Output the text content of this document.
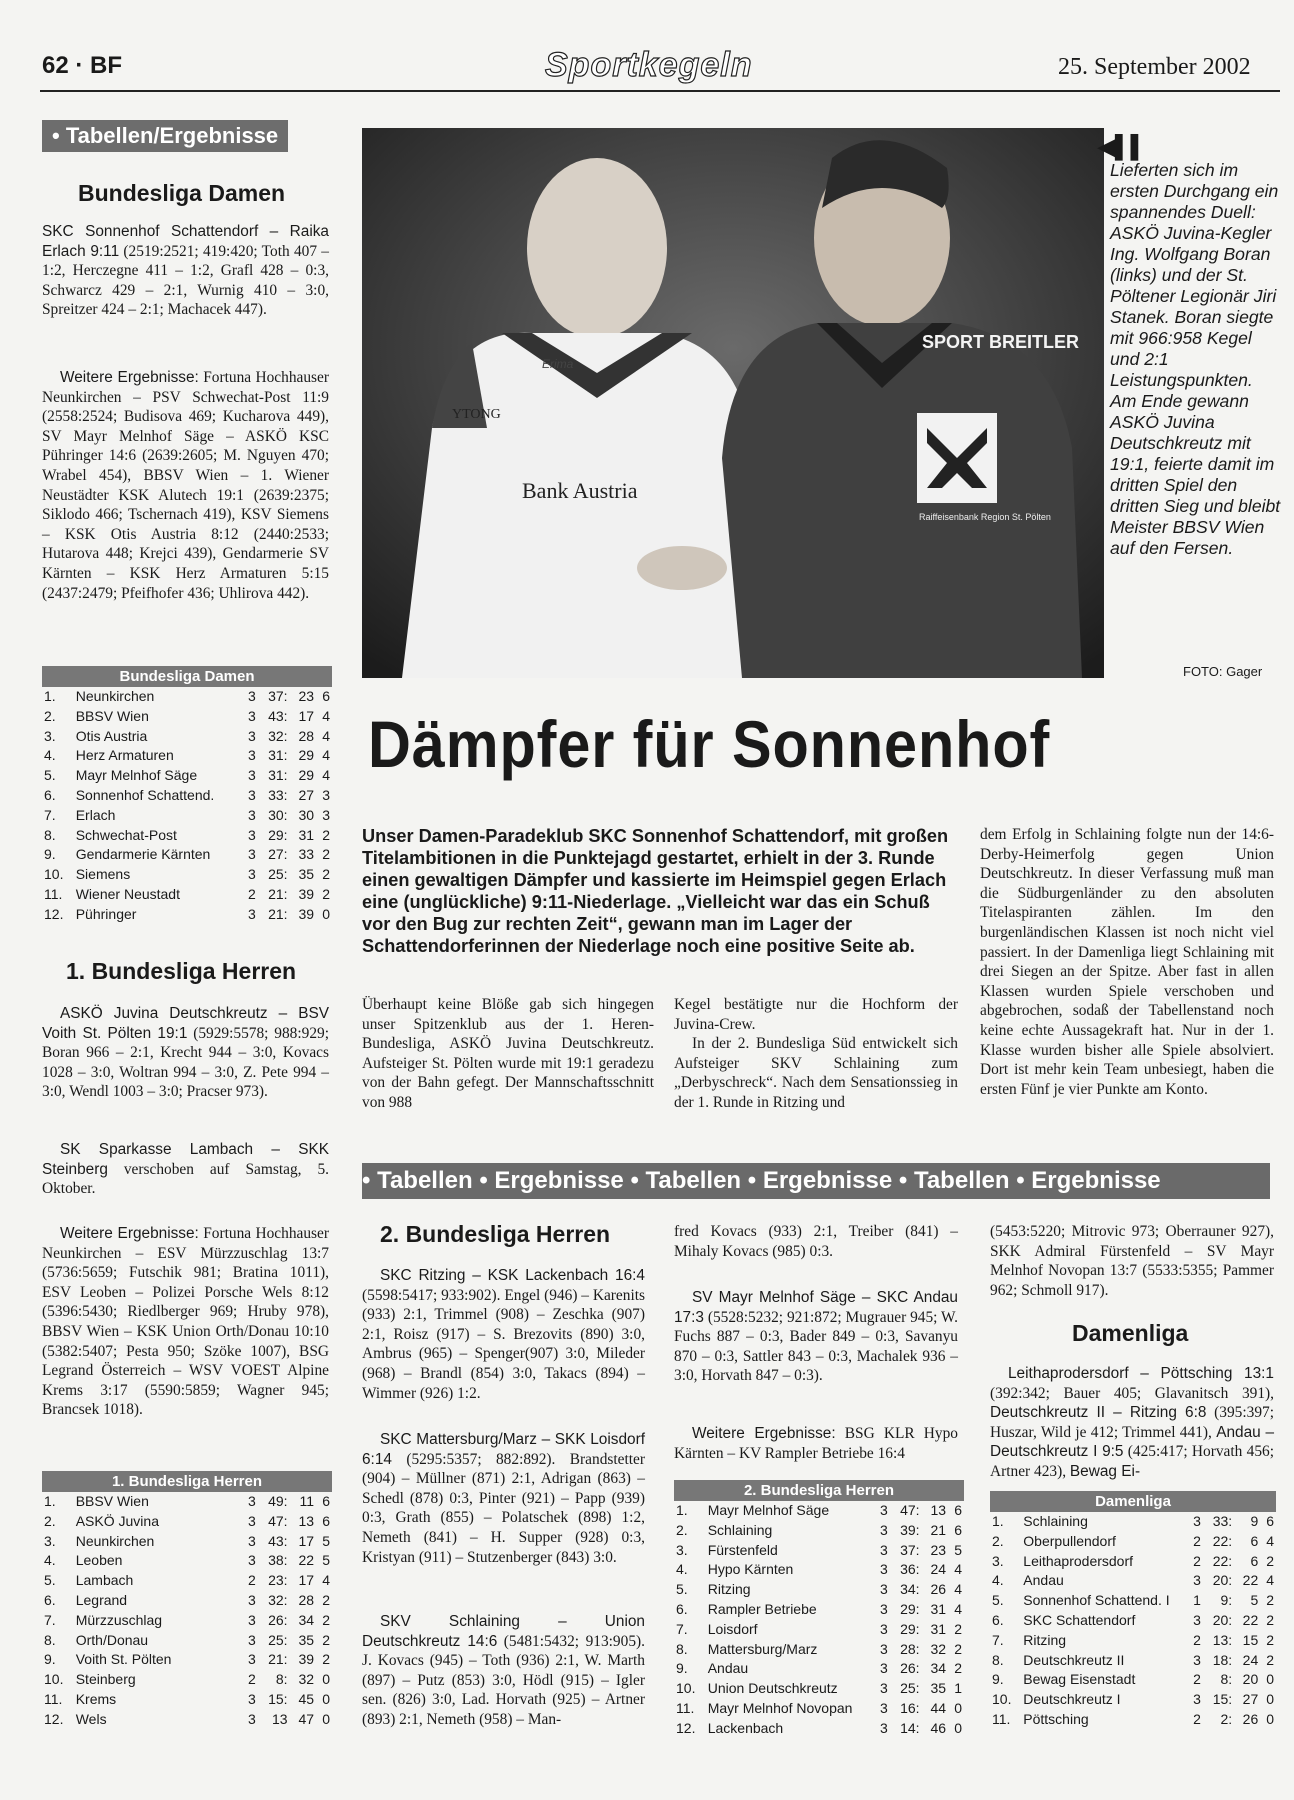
62 · BF	Sportkegeln	25. September 2002
• Tabellen/Ergebnisse
Bundesliga Damen
SKC Sonnenhof Schattendorf – Raika Erlach 9:11 (2519:2521; 419:420; Toth 407 – 1:2, Herczegne 411 – 1:2, Grafl 428 – 0:3, Schwarcz 429 – 2:1, Wurnig 410 – 3:0, Spreitzer 424 – 2:1; Machacek 447).
Weitere Ergebnisse: Fortuna Hochhauser Neunkirchen – PSV Schwechat-Post 11:9 (2558:2524; Budisova 469; Kucharova 449), SV Mayr Melnhof Säge – ASKÖ KSC Pühringer 14:6 (2639:2605; M. Nguyen 470; Wrabel 454), BBSV Wien – 1. Wiener Neustädter KSK Alutech 19:1 (2639:2375; Siklodo 466; Tschernach 419), KSV Siemens – KSK Otis Austria 8:12 (2440:2533; Hutarova 448; Krejci 439), Gendarmerie SV Kärnten – KSK Herz Armaturen 5:15 (2437:2479; Pfeifhofer 436; Uhlirova 442).
Bundesliga Damen
1.	Neunkirchen	3	37:	23	6
2.	BBSV Wien	3	43:	17	4
3.	Otis Austria	3	32:	28	4
4.	Herz Armaturen	3	31:	29	4
5.	Mayr Melnhof Säge	3	31:	29	4
6.	Sonnenhof Schattend.	3	33:	27	3
7.	Erlach	3	30:	30	3
8.	Schwechat-Post	3	29:	31	2
9.	Gendarmerie Kärnten	3	27:	33	2
10.	Siemens	3	25:	35	2
11.	Wiener Neustadt	2	21:	39	2
12.	Pühringer	3	21:	39	0
1. Bundesliga Herren
ASKÖ Juvina Deutschkreutz – BSV Voith St. Pölten 19:1 (5929:5578; 988:929; Boran 966 – 2:1, Krecht 944 – 3:0, Kovacs 1028 – 3:0, Woltran 994 – 3:0, Z. Pete 994 – 3:0, Wendl 1003 – 3:0; Pracser 973).
SK Sparkasse Lambach – SKK Steinberg verschoben auf Samstag, 5. Oktober.
Weitere Ergebnisse: Fortuna Hochhauser Neunkirchen – ESV Mürzzuschlag 13:7 (5736:5659; Futschik 981; Bratina 1011), ESV Leoben – Polizei Porsche Wels 8:12 (5396:5430; Riedlberger 969; Hruby 978), BBSV Wien – KSK Union Orth/Donau 10:10 (5382:5407; Pesta 950; Szöke 1007), BSG Legrand Österreich – WSV VOEST Alpine Krems 3:17 (5590:5859; Wagner 945; Brancsek 1018).
1. Bundesliga Herren
1.	BBSV Wien	3	49:	11	6
2.	ASKÖ Juvina	3	47:	13	6
3.	Neunkirchen	3	43:	17	5
4.	Leoben	3	38:	22	5
5.	Lambach	2	23:	17	4
6.	Legrand	3	32:	28	2
7.	Mürzzuschlag	3	26:	34	2
8.	Orth/Donau	3	25:	35	2
9.	Voith St. Pölten	3	21:	39	2
10.	Steinberg	2	8:	32	0
11.	Krems	3	15:	45	0
12.	Wels	3	13	47	0
SPORT BREITLER
Raiffeisenbank Region St. Pölten
YTONG
Bank Austria
Erima
◀▌▌
Lieferten sich im ersten Durchgang ein spannendes Duell: ASKÖ Juvina-Kegler Ing. Wolfgang Boran (links) und der St. Pöltener Legionär Jiri Stanek. Boran siegte mit 966:958 Kegel und 2:1 Leistungspunkten. Am Ende gewann ASKÖ Juvina Deutschkreutz mit 19:1, feierte damit im dritten Spiel den dritten Sieg und bleibt Meister BBSV Wien auf den Fersen.
FOTO: Gager
Dämpfer für Sonnenhof
Unser Damen-Paradeklub SKC Sonnenhof Schattendorf, mit großen Titelambitionen in die Punktejagd gestartet, erhielt in der 3. Runde einen gewaltigen Dämpfer und kassierte im Heimspiel gegen Erlach eine (unglückliche) 9:11-Niederlage. „Vielleicht war das ein Schuß vor den Bug zur rechten Zeit“, gewann man im Lager der Schattendorferinnen der Niederlage noch eine positive Seite ab.
Überhaupt keine Blöße gab sich hingegen unser Spitzenklub aus der 1. Heren-Bundesliga, ASKÖ Juvina Deutschkreutz. Aufsteiger St. Pölten wurde mit 19:1 geradezu von der Bahn gefegt. Der Mannschaftsschnitt von 988

Kegel bestätigte nur die Hochform der Juvina-Crew.

In der 2. Bundesliga Süd entwickelt sich Aufsteiger SKV Schlaining zum „Derbyschreck“. Nach dem Sensationssieg in der 1. Runde in Ritzing und

dem Erfolg in Schlaining folgte nun der 14:6-Derby-Heimerfolg gegen Union Deutschkreutz. In dieser Verfassung muß man die Südburgenländer zu den absoluten Titelaspiranten zählen. Im den burgenländischen Klassen ist noch nicht viel passiert. In der Damenliga liegt Schlaining mit drei Siegen an der Spitze. Aber fast in allen Klassen wurden Spiele verschoben und abgebrochen, sodaß der Tabellenstand noch keine echte Aussagekraft hat. Nur in der 1. Klasse wurden bisher alle Spiele absolviert. Dort ist mehr kein Team unbesiegt, haben die ersten Fünf je vier Punkte am Konto.
• Tabellen • Ergebnisse • Tabellen • Ergebnisse • Tabellen • Ergebnisse
2. Bundesliga Herren
SKC Ritzing – KSK Lackenbach 16:4 (5598:5417; 933:902). Engel (946) – Karenits (933) 2:1, Trimmel (908) – Zeschka (907) 2:1, Roisz (917) – S. Brezovits (890) 3:0, Ambrus (965) – Spenger(907) 3:0, Mileder (968) – Brandl (854) 3:0, Takacs (894) – Wimmer (926) 1:2.
SKC Mattersburg/Marz – SKK Loisdorf 6:14 (5295:5357; 882:892). Brandstetter (904) – Müllner (871) 2:1, Adrigan (863) – Schedl (878) 0:3, Pinter (921) – Papp (939) 0:3, Grath (855) – Polatschek (898) 1:2, Nemeth (841) – H. Supper (928) 0:3, Kristyan (911) – Stutzenberger (843) 3:0.
SKV Schlaining – Union Deutschkreutz 14:6 (5481:5432; 913:905). J. Kovacs (945) – Toth (936) 2:1, W. Marth (897) – Putz (853) 3:0, Hödl (915) – Igler sen. (826) 3:0, Lad. Horvath (925) – Artner (893) 2:1, Nemeth (958) – Man-
fred Kovacs (933) 2:1, Treiber (841) – Mihaly Kovacs (985) 0:3.
SV Mayr Melnhof Säge – SKC Andau 17:3 (5528:5232; 921:872; Mugrauer 945; W. Fuchs 887 – 0:3, Bader 849 – 0:3, Savanyu 870 – 0:3, Sattler 843 – 0:3, Machalek 936 – 3:0, Horvath 847 – 0:3).
Weitere Ergebnisse: BSG KLR Hypo Kärnten – KV Rampler Betriebe 16:4
2. Bundesliga Herren
1.	Mayr Melnhof Säge	3	47:	13	6
2.	Schlaining	3	39:	21	6
3.	Fürstenfeld	3	37:	23	5
4.	Hypo Kärnten	3	36:	24	4
5.	Ritzing	3	34:	26	4
6.	Rampler Betriebe	3	29:	31	4
7.	Loisdorf	3	29:	31	2
8.	Mattersburg/Marz	3	28:	32	2
9.	Andau	3	26:	34	2
10.	Union Deutschkreutz	3	25:	35	1
11.	Mayr Melnhof Novopan	3	16:	44	0
12.	Lackenbach	3	14:	46	0
(5453:5220; Mitrovic 973; Oberrauner 927), SKK Admiral Fürstenfeld – SV Mayr Melnhof Novopan 13:7 (5533:5355; Pammer 962; Schmoll 917).
Damenliga
Leithaprodersdorf – Pöttsching 13:1 (392:342; Bauer 405; Glavanitsch 391), Deutschkreutz II – Ritzing 6:8 (395:397; Huszar, Wild je 412; Trimmel 441), Andau – Deutschkreutz I 9:5 (425:417; Horvath 456; Artner 423), Bewag Ei-
Damenliga
1.	Schlaining	3	33:	9	6
2.	Oberpullendorf	2	22:	6	4
3.	Leithaprodersdorf	2	22:	6	2
4.	Andau	3	20:	22	4
5.	Sonnenhof Schattend. I	1	9:	5	2
6.	SKC Schattendorf	3	20:	22	2
7.	Ritzing	2	13:	15	2
8.	Deutschkreutz II	3	18:	24	2
9.	Bewag Eisenstadt	2	8:	20	0
10.	Deutschkreutz I	3	15:	27	0
11.	Pöttsching	2	2:	26	0
